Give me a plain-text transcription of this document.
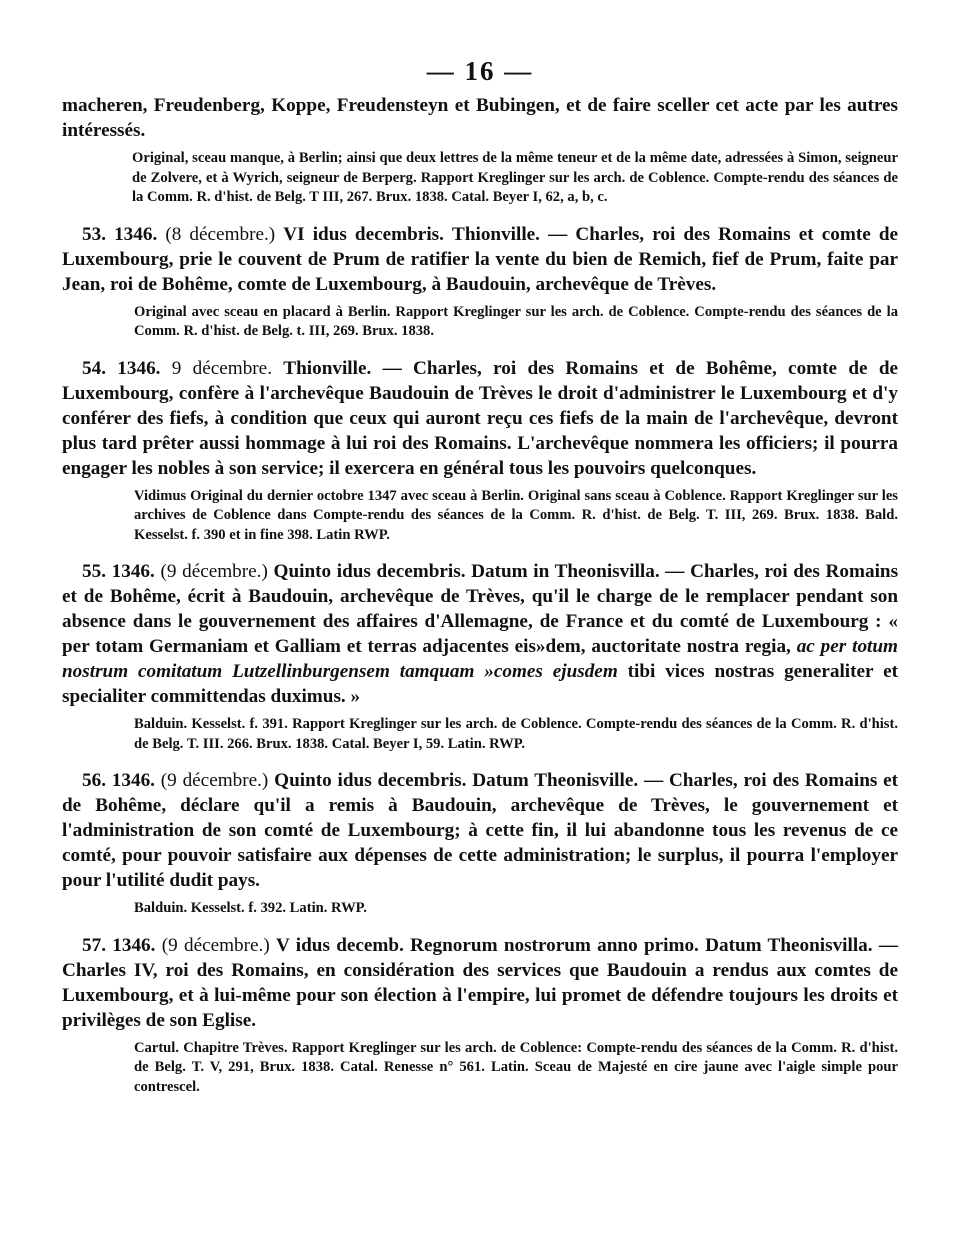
— 16 —

macheren, Freudenberg, Koppe, Freudensteyn et Bubingen, et de faire sceller cet acte par les autres intéressés.

Original, sceau manque, à Berlin; ainsi que deux lettres de la même teneur et de la même date, adressées à Simon, seigneur de Zolvere, et à Wyrich, seigneur de Berperg. Rapport Kreglinger sur les arch. de Coblence. Compte-rendu des séances de la Comm. R. d'hist. de Belg. T III, 267. Brux. 1838. Catal. Beyer I, 62, a, b, c.

53. 1346. (8 décembre.) VI idus decembris. Thionville. — Charles, roi des Romains et comte de Luxembourg, prie le couvent de Prum de ratifier la vente du bien de Remich, fief de Prum, faite par Jean, roi de Bohême, comte de Luxembourg, à Baudouin, archevêque de Trèves.

Original avec sceau en placard à Berlin. Rapport Kreglinger sur les arch. de Coblence. Compte-rendu des séances de la Comm. R. d'hist. de Belg. t. III, 269. Brux. 1838.

54. 1346. 9 décembre. Thionville. — Charles, roi des Romains et de Bohême, comte de de Luxembourg, confère à l'archevêque Baudouin de Trèves le droit d'administrer le Luxembourg et d'y conférer des fiefs, à condition que ceux qui auront reçu ces fiefs de la main de l'archevêque, devront plus tard prêter aussi hommage à lui roi des Romains. L'archevêque nommera les officiers; il pourra engager les nobles à son service; il exercera en général tous les pouvoirs quelconques.

Vidimus Original du dernier octobre 1347 avec sceau à Berlin. Original sans sceau à Coblence. Rapport Kreglinger sur les archives de Coblence dans Compte-rendu des séances de la Comm. R. d'hist. de Belg. T. III, 269. Brux. 1838. Bald. Kesselst. f. 390 et in fine 398. Latin RWP.

55. 1346. (9 décembre.) Quinto idus decembris. Datum in Theonisvilla. — Charles, roi des Romains et de Bohême, écrit à Baudouin, archevêque de Trèves, qu'il le charge de le remplacer pendant son absence dans le gouvernement des affaires d'Allemagne, de France et du comté de Luxembourg : « per totam Germaniam et Galliam et terras adjacentes eis»dem, auctoritate nostra regia, ac per totum nostrum comitatum Lutzellinburgensem tamquam »comes ejusdem tibi vices nostras generaliter et specialiter committendas duximus. »

Balduin. Kesselst. f. 391. Rapport Kreglinger sur les arch. de Coblence. Compte-rendu des séances de la Comm. R. d'hist. de Belg. T. III. 266. Brux. 1838. Catal. Beyer I, 59. Latin. RWP.

56. 1346. (9 décembre.) Quinto idus decembris. Datum Theonisville. — Charles, roi des Romains et de Bohême, déclare qu'il a remis à Baudouin, archevêque de Trèves, le gouvernement et l'administration de son comté de Luxembourg; à cette fin, il lui abandonne tous les revenus de ce comté, pour pouvoir satisfaire aux dépenses de cette administration; le surplus, il pourra l'employer pour l'utilité dudit pays.

Balduin. Kesselst. f. 392. Latin. RWP.

57. 1346. (9 décembre.) V idus decemb. Regnorum nostrorum anno primo. Datum Theonisvilla. — Charles IV, roi des Romains, en considération des services que Baudouin a rendus aux comtes de Luxembourg, et à lui-même pour son élection à l'empire, lui promet de défendre toujours les droits et privilèges de son Eglise.

Cartul. Chapitre Trèves. Rapport Kreglinger sur les arch. de Coblence: Compte-rendu des séances de la Comm. R. d'hist. de Belg. T. V, 291, Brux. 1838. Catal. Renesse n° 561. Latin. Sceau de Majesté en cire jaune avec l'aigle simple pour contrescel.
